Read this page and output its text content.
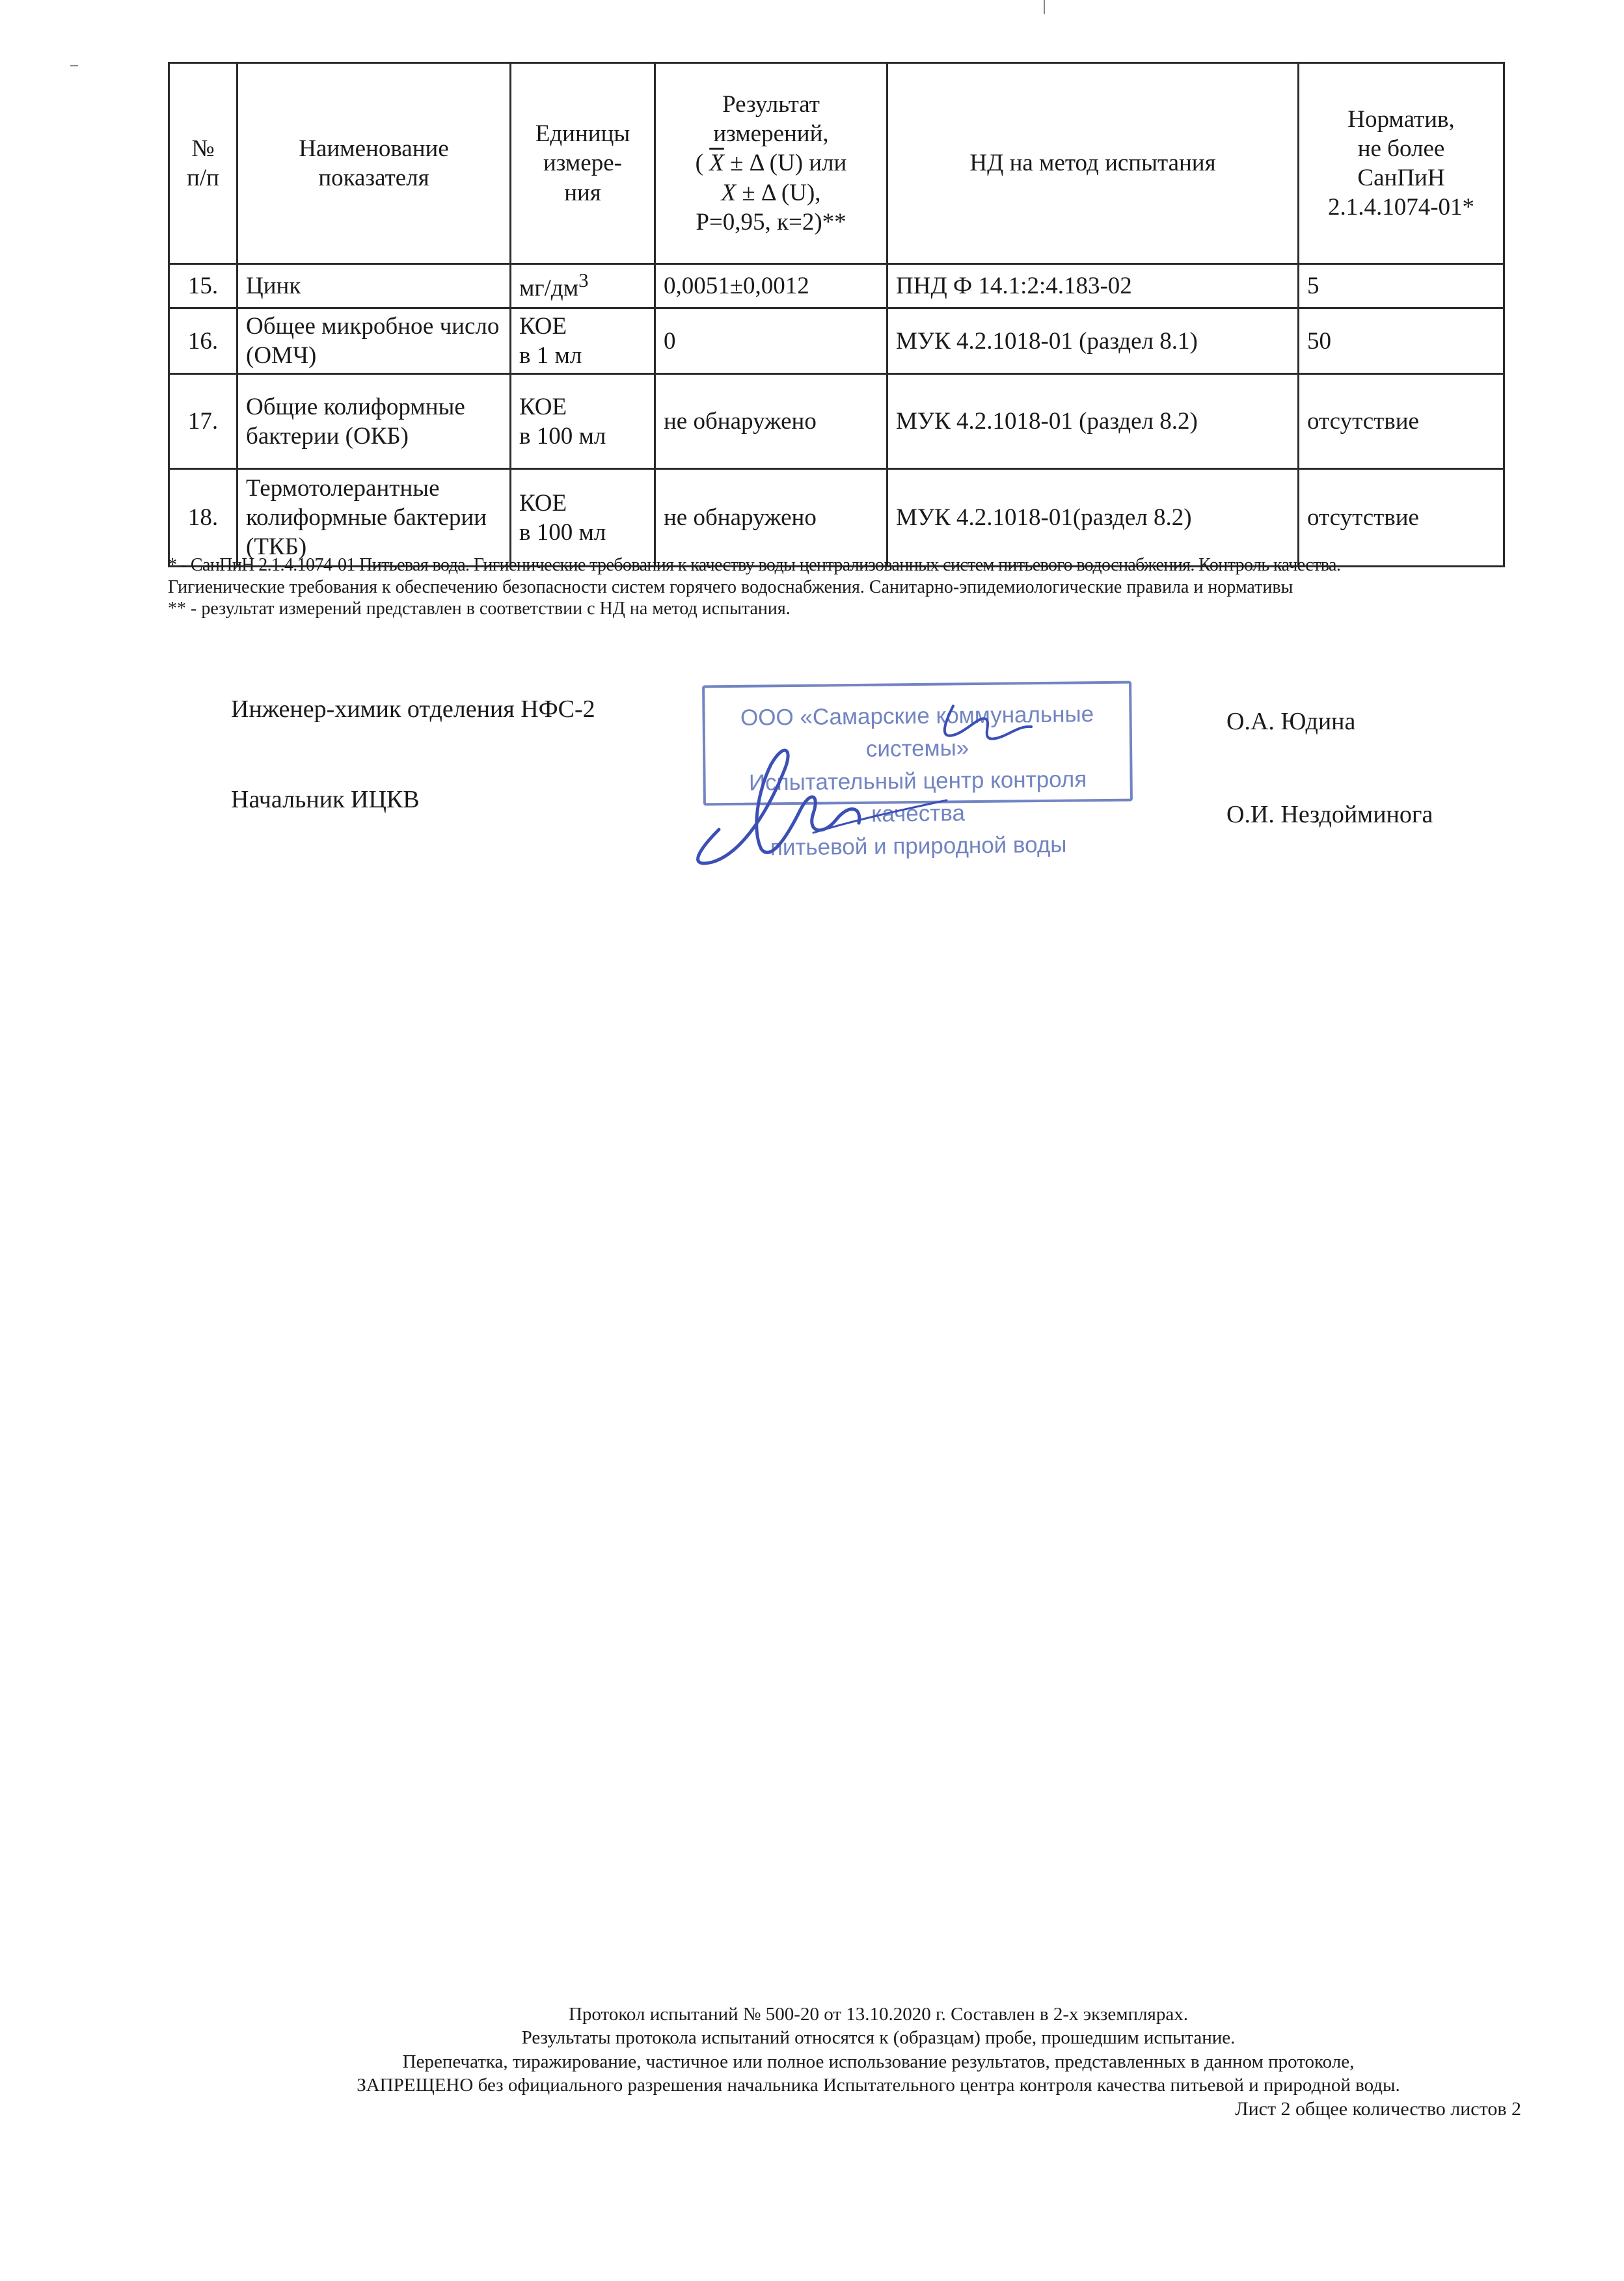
№
п/п	Наименование показателя	Единицы
измере-
ния	Результат
измерений,
( $\overline{X} \pm \Delta$ (U) или
X ± Δ (U),
P=0,95, к=2)**	НД на метод испытания	Норматив,
не более
СанПиН
2.1.4.1074-01*
15.	Цинк	$мг/дм^3$	0,0051±0,0012	ПНД Ф 14.1:2:4.183-02	5
16.	Общее микробное число (ОМЧ)	КОЕ
в 1 мл	0	МУК 4.2.1018-01 (раздел 8.1)	50
17.	Общие колиформные бактерии (ОКБ)	КОЕ
в 100 мл	не обнаружено	МУК 4.2.1018-01 (раздел 8.2)	отсутствие
18.	Термотолерантные колиформные бактерии (ТКБ)	КОЕ
в 100 мл	не обнаружено	МУК 4.2.1018-01(раздел 8.2)	отсутствие

* - СанПиН 2.1.4.1074-01 Питьевая вода. Гигиенические требования к качеству воды централизованных систем питьевого водоснабжения. Контроль качества.

Гигиенические требования к обеспечению безопасности систем горячего водоснабжения. Санитарно-эпидемиологические правила и нормативы

** - результат измерений представлен в соответствии с НД на метод испытания.

Инженер-химик отделения НФС-2	О.А. Юдина
Начальник ИЦКВ
О.И. Нездойминога
ООО «Самарские коммунальные системы»
Испытательный центр контроля качества
питьевой и природной воды

Протокол испытаний № 500-20 от 13.10.2020 г. Составлен в 2-х экземплярах.

Результаты протокола испытаний относятся к (образцам) пробе, прошедшим испытание.

Перепечатка, тиражирование, частичное или полное использование результатов, представленных в данном протоколе,

ЗАПРЕЩЕНО без официального разрешения начальника Испытательного центра контроля качества питьевой и природной воды.

Лист 2 общее количество листов 2
